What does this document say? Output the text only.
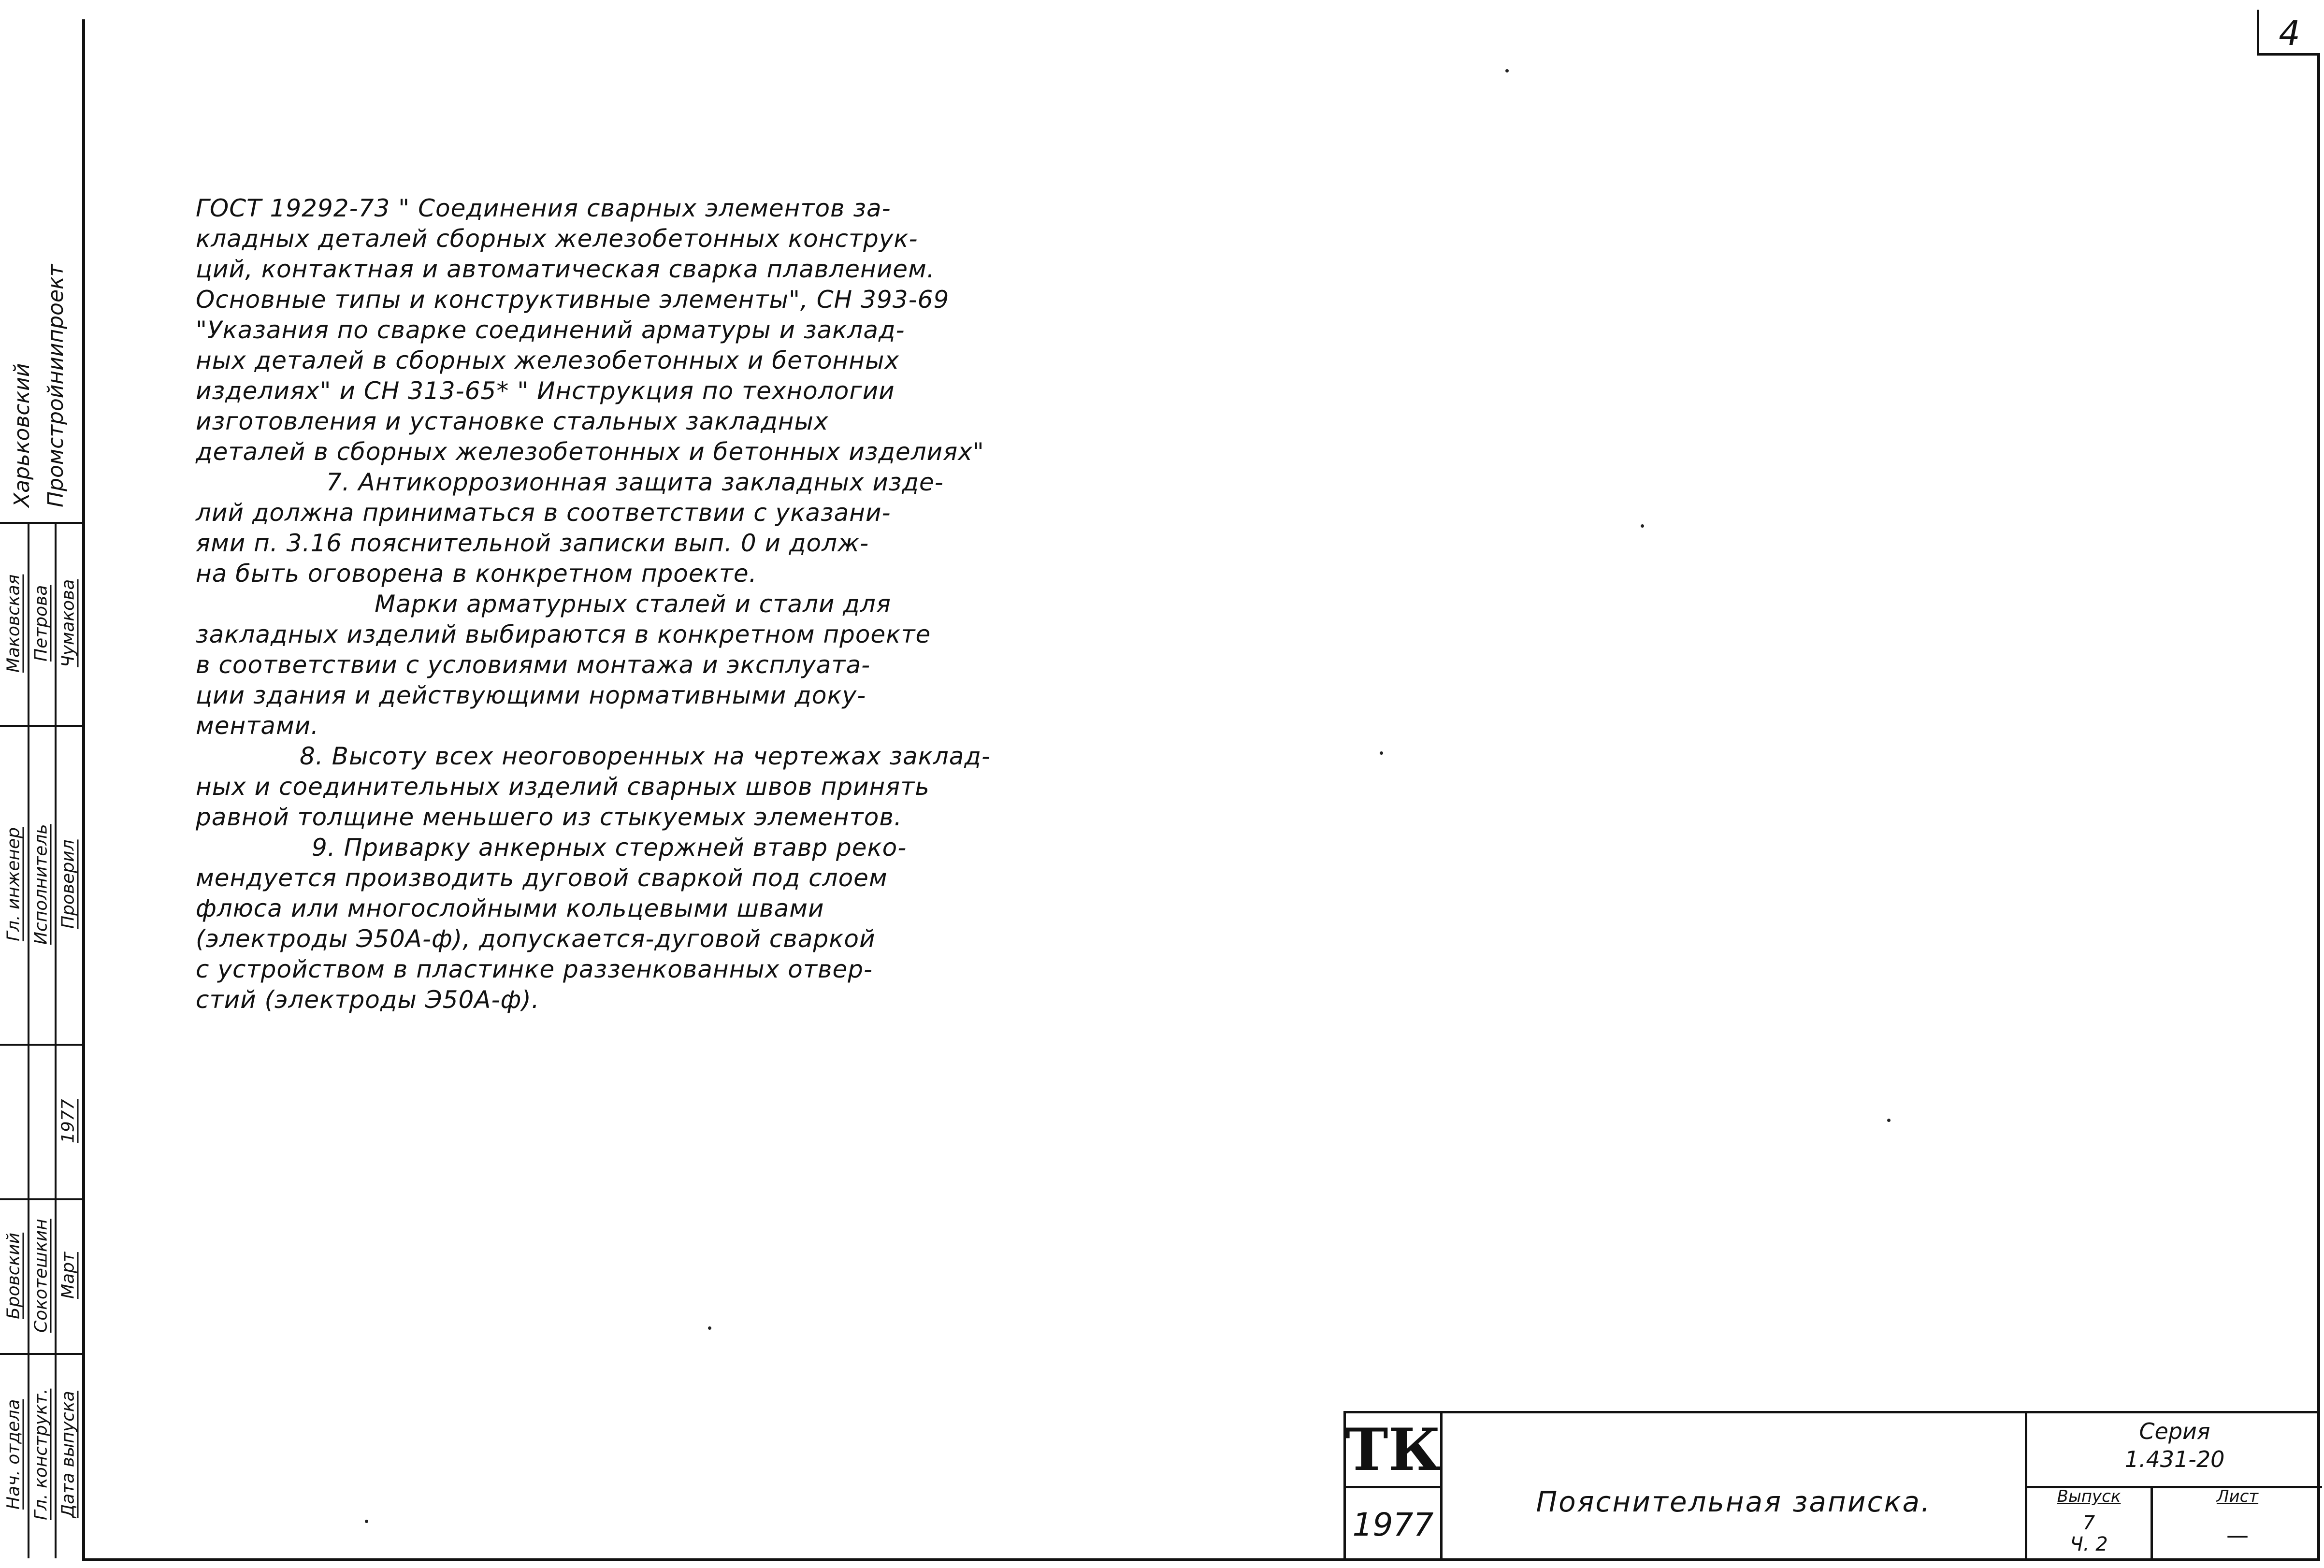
4
Харьковский Промстройниипроект
Нач. отдела Гл. конструкт. Дата выпуска
Бровский Сокотешкин Март
1977
Гл. инженер Исполнитель Проверил
Маковская Петрова Чумакова
ГОСТ 19292-73 " Соединения сварных элементов за-
кладных деталей сборных железобетонных конструк-
ций, контактная и автоматическая сварка плавлением.
Основные типы и конструктивные элементы", СН 393-69
"Указания по сварке соединений арматуры и заклад-
ных деталей в сборных железобетонных и бетонных
изделиях" и СН 313-65* " Инструкция по технологии
изготовления и установке стальных закладных
деталей в сборных железобетонных и бетонных изделиях"
7. Антикоррозионная защита закладных изде-
лий должна приниматься в соответствии с указани-
ями п. 3.16 пояснительной записки вып. 0 и долж-
на быть оговорена в конкретном проекте.
Марки арматурных сталей и стали для
закладных изделий выбираются в конкретном проекте
в соответствии с условиями монтажа и эксплуата-
ции здания и действующими нормативными доку-
ментами.
8. Высоту всех неоговоренных на чертежах заклад-
ных и соединительных изделий сварных швов принять
равной толщине меньшего из стыкуемых элементов.
9. Приварку анкерных стержней втавр реко-
мендуется производить дуговой сваркой под слоем
флюса или многослойными кольцевыми швами
(электроды Э50А-ф), допускается-дуговой сваркой
с устройством в пластинке раззенкованных отвер-
стий (электроды Э50А-ф).
ТК
1977
Пояснительная записка.
Серия
1.431-20
Выпуск	Лист
7
Ч. 2	—
